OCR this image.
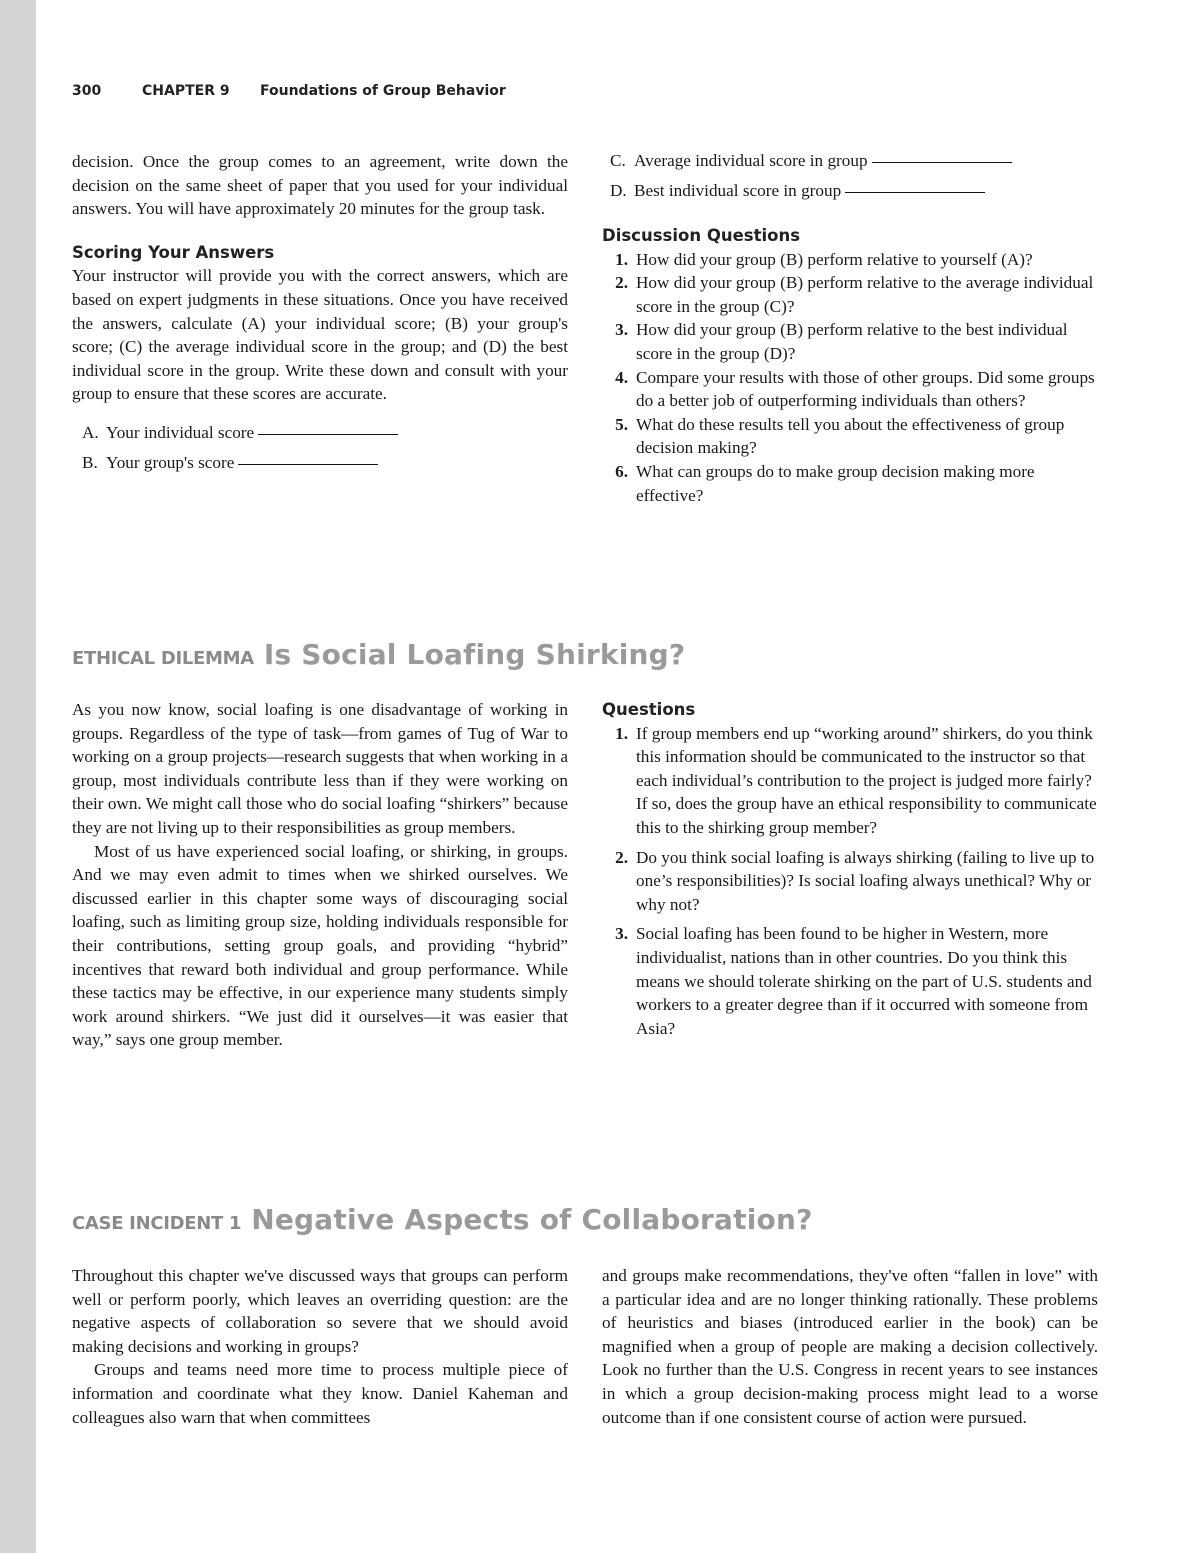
300	CHAPTER 9	Foundations of Group Behavior

decision. Once the group comes to an agreement, write down the decision on the same sheet of paper that you used for your individual answers. You will have approximately 20 minutes for the group task.

Scoring Your Answers

Your instructor will provide you with the correct answers, which are based on expert judgments in these situations. Once you have received the answers, calculate (A) your individual score; (B) your group's score; (C) the average individual score in the group; and (D) the best individual score in the group. Write these down and consult with your group to ensure that these scores are accurate.

A. Your individual score
B. Your group's score
C. Average individual score in group
D. Best individual score in group
Discussion Questions
1. How did your group (B) perform relative to yourself (A)?
2. How did your group (B) perform relative to the average individual score in the group (C)?
3. How did your group (B) perform relative to the best individual score in the group (D)?
4. Compare your results with those of other groups. Did some groups do a better job of outperforming individuals than others?
5. What do these results tell you about the effectiveness of group decision making?
6. What can groups do to make group decision making more effective?
ETHICAL DILEMMA Is Social Loafing Shirking?

As you now know, social loafing is one disadvantage of working in groups. Regardless of the type of task—from games of Tug of War to working on a group projects—research suggests that when working in a group, most individuals contribute less than if they were working on their own. We might call those who do social loafing “shirkers” because they are not living up to their responsibilities as group members.

Most of us have experienced social loafing, or shirking, in groups. And we may even admit to times when we shirked ourselves. We discussed earlier in this chapter some ways of discouraging social loafing, such as limiting group size, holding individuals responsible for their contributions, setting group goals, and providing “hybrid” incentives that reward both individual and group performance. While these tactics may be effective, in our experience many students simply work around shirkers. “We just did it ourselves—it was easier that way,” says one group member.

Questions
1. If group members end up “working around” shirkers, do you think this information should be communicated to the instructor so that each individual’s contribution to the project is judged more fairly? If so, does the group have an ethical responsibility to communicate this to the shirking group member?
2. Do you think social loafing is always shirking (failing to live up to one’s responsibilities)? Is social loafing always unethical? Why or why not?
3. Social loafing has been found to be higher in Western, more individualist, nations than in other countries. Do you think this means we should tolerate shirking on the part of U.S. students and workers to a greater degree than if it occurred with someone from Asia?
CASE INCIDENT 1 Negative Aspects of Collaboration?

Throughout this chapter we've discussed ways that groups can perform well or perform poorly, which leaves an overriding question: are the negative aspects of collaboration so severe that we should avoid making decisions and working in groups?

Groups and teams need more time to process multiple piece of information and coordinate what they know. Daniel Kaheman and colleagues also warn that when committees

and groups make recommendations, they've often “fallen in love” with a particular idea and are no longer thinking rationally. These problems of heuristics and biases (introduced earlier in the book) can be magnified when a group of people are making a decision collectively. Look no further than the U.S. Congress in recent years to see instances in which a group decision-making process might lead to a worse outcome than if one consistent course of action were pursued.
